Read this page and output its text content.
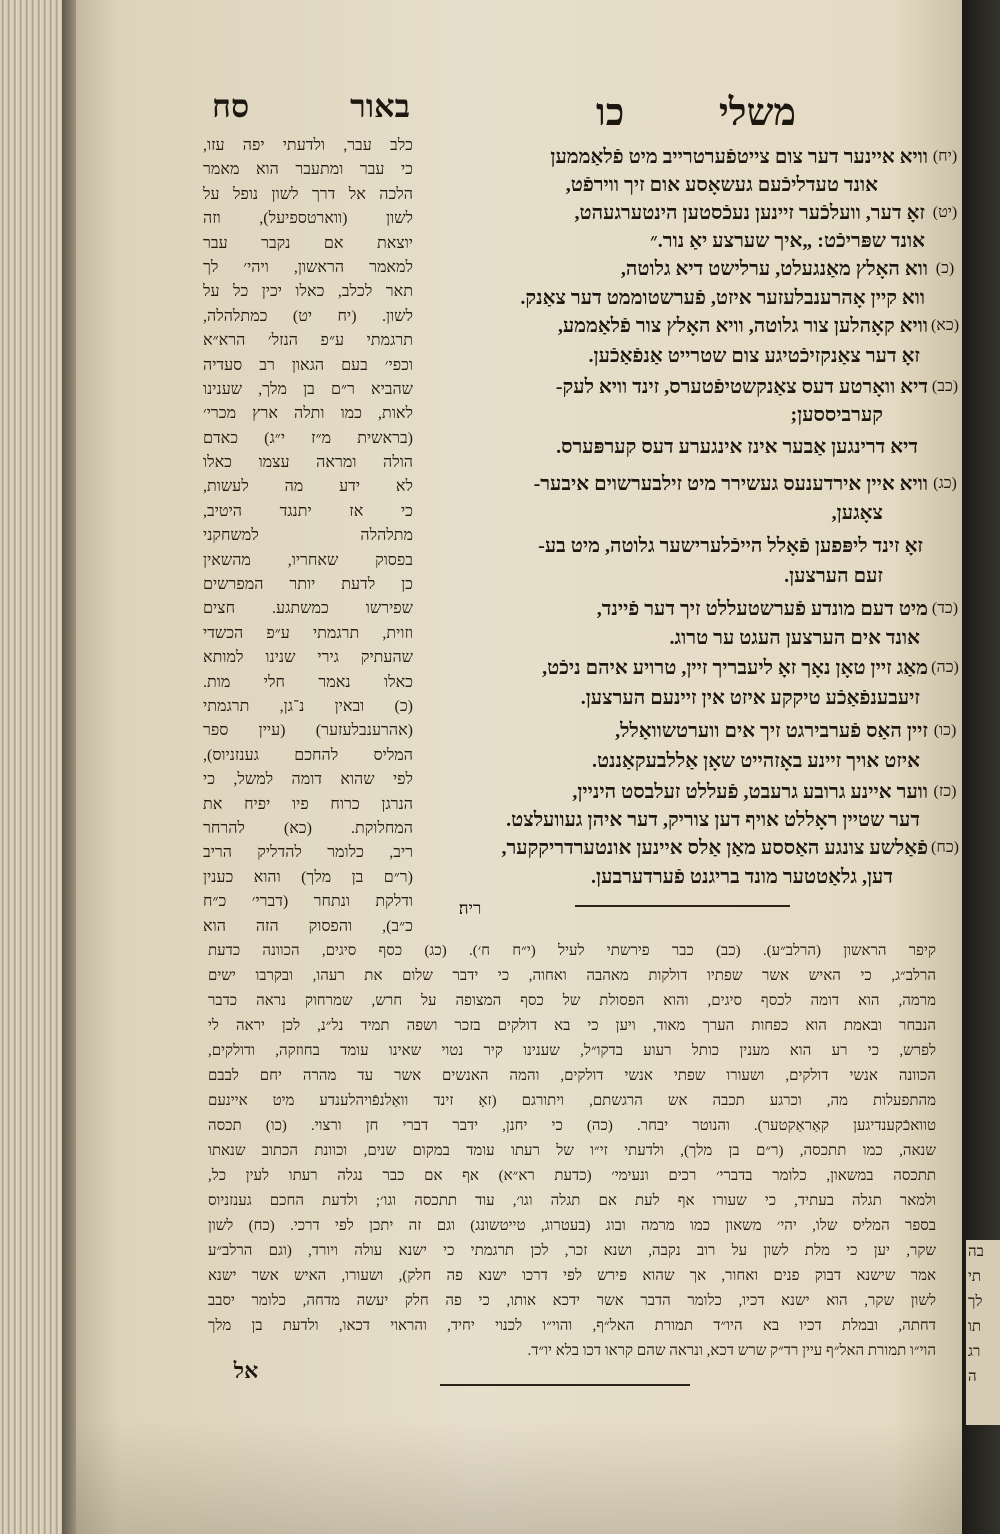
בה
תי
לך
תו
רג
ה
משלי כו
באור סח
(יח)
וויא איינער דער צום צייטפֿערטרייב מיט פֿלאַממען
אונד טעדליכֿעם געשאָסע אום זיך ווירפֿט,
(יט)
זאָ דער, וועלכֿער זיינען נעכֿסטען הינטערגעהט,
אונד שפּריכֿט: „איך שערצע יאַ נור.״
(כ)
ווא האָלץ מאַנגעלט, ערלישט דיא גלוטה,
ווא קיין אָהרענבלעזער איזט, פֿערשטוממט דער צאַנק.
(כא)
וויא קאָהלען צור גלוטה, וויא האָלץ צור פֿלאַממע,
זאָ דער צאַנקזיכֿטיגע צום שטרייט אַנפֿאַכֿען.
(כב)
דיא וואָרטע דעס צאַנקשטיפֿטערס, זינד וויא לעק-
קערביססען;
דיא דרינגען אַבער אינז אינגערע דעס קערפּערס.
(כג)
וויא איין אירדענעס געשירר מיט זילבערשוים איבער-
צאָגען,
זאָ זינד ליפּפען פֿאָלל הייכֿלערישער גלוטה, מיט בע-
זעם הערצען.
(כד)
מיט דעם מונדע פֿערשטעללט זיך דער פֿיינד,
אונד אים הערצען העגט ער טרוג.
(כה)
מאַג זיין טאָן נאָך זאָ ליעבריך זיין, טרויע איהם ניכֿט,
זיעבענפֿאַכֿע טיקקע איזט אין זיינעם הערצען.
(כו)
זיין האַס פֿערבירגט זיך אים ווערטשוואַלל,
איזט אויך זיינע באָזהייט שאָן אַללבעקאַננט.
(כז)
ווער איינע גרובע גרעבט, פֿעללט זעלבסט היניין,
דער שטיין ראָללט אויף דען צוריק, דער איהן געוועלצט.
(כח)
פֿאַלשע צונגע האַססע מאַן אַלס איינען אונטערדריקקער,
דען, גלאַטטער מונד בריגנט פֿערדערבען.
ריה׃
כלב עבר, ולדעתי יפה עזו,
כי עבר ומתעבר הוא מאמר
הלכה אל דרך לשון נופל על
לשון (ווארטספיעל), וזה
יוצאת אם נקבר עבר
למאמר הראשון, ויהי׳ לך
תאר לכלב, כאלו יכין כל על
לשון. (יח יט) כמתלהלה,
תרגמתי ע״פ הנזל׳ הרא״א
וכפי׳ בעם הגאון רב סעדיה
שהביא ר״ם בן מלך, שענינו
לאות, כמו ותלה ארץ מכרי׳
(בראשית מ״ז י״ג) כאדם
הולה ומראה עצמו כאלו
לא ידע מה לעשות,
כי אז יתנגד היטיב,
מתלהלה למשחקני
בפסוק שאחריו, מהשאין
כן לדעת יותר המפרשים
שפירשו כמשתגע. חצים
וזוית, תרגמתי ע״פ הכשדי
שהעתיק גירי שנינו למותא
כאלו נאמר חלי מות.
(כ) ובאין נ־גן, תרגמתי
(אהרענבלעזער) (עיין ספר
המליס להחכם גענזניוס),
לפי שהוא דומה למשל, כי
הנרגן כרוח פיו יפיח את
המחלוקת. (כא) להרחר
ריב, כלומר להדליק הריב
(ר״ם בן מלך) והוא כענין
ודלקת ונתחר (דברי׳ כ״ח
כ״ב), והפסוק הזה הוא
קיפר הראשון (הרלב״ע). (כב) כבר פירשתי לעיל (י״ח ח׳). (כג) כסף סיגים, הכוונה כדעת
הרלב״ג, כי האיש אשר שפתיו דולקות מאהבה ואחוה, כי ידבר שלום את רעהו, ובקרבו ישים
מרמה, הוא דומה לכסף סיגים, והוא הפסולת של כסף המצופה על חרש, שמרחוק נראה כדבר
הנבחר ובאמת הוא כפחות הערך מאוד, ויען כי בא דולקים בזכר ושפה תמיד נל״נ, לכן יראה לי
לפרש, כי רע הוא מענין כותל רעוע בדקו״ל, שענינו קיר נטוי שאינו עומד בחוזקה, ודולקים,
הכוונה אנשי דולקים, ושעורו שפתי אנשי דולקים, והמה האנשים אשר עד מהרה יחם לבבם
מהתפעלות מה, וכרגע תכבה אש הרגשתם, ויתורגם (זאָ זינד וואַלנפֿויהלענדע מיט איינעם
טוואכֿקענדיגען קאַראַקטער). והנוטר יבחר. (כה) כי יחנן, ידבר דברי חן ורצוי. (כו) תכסה
שנאה, כמו תתכסה, (ר״ם בן מלך), ולדעתי זי״ו של רעתו עומד במקום שנים, וכוונת הכתוב שנאתו
תתכסה במשאון, כלומר בדברי׳ רכים ונעימי׳ (כדעת רא״א) אף אם כבר נגלה רעתו לעין כל,
ולמאר תגלה בעתיד, כי שעורו אף לעת אם תגלה וגו׳, עוד תתכסה וגו׳; ולדעת החכם גענזניוס
בספר המליס שלו, יהי׳ משאון כמו מרמה ובוג (בעטרוג, טייטשונג) וגם זה יתכן לפי דרכי. (כח) לשון
שקר, יען כי מלת לשון על רוב נקבה, ושנא זכר, לכן תרגמתי כי ישנא עולה ויורד, (וגם הרלב״ע
אמר שישנא דבוק פנים ואחור, אך שהוא פירש לפי דרכו ישנא פה חלק), ושעורו, האיש אשר ישנא
לשון שקר, הוא ישנא דכיו, כלומר הדבר אשר ידכא אותו, כי פה חלק יעשה מדחה, כלומר יסבב
דחתה, ובמלת דכיו בא היו״ד תמורת האל״ף, והוי״ו לכנוי יחיד, והראוי דכאו, ולדעת בן מלך
הוי״ו תמורת האל״ף עיין רד״ק שרש דכא, ונראה שהם קראו דכו בלא יו״ד.
אל
